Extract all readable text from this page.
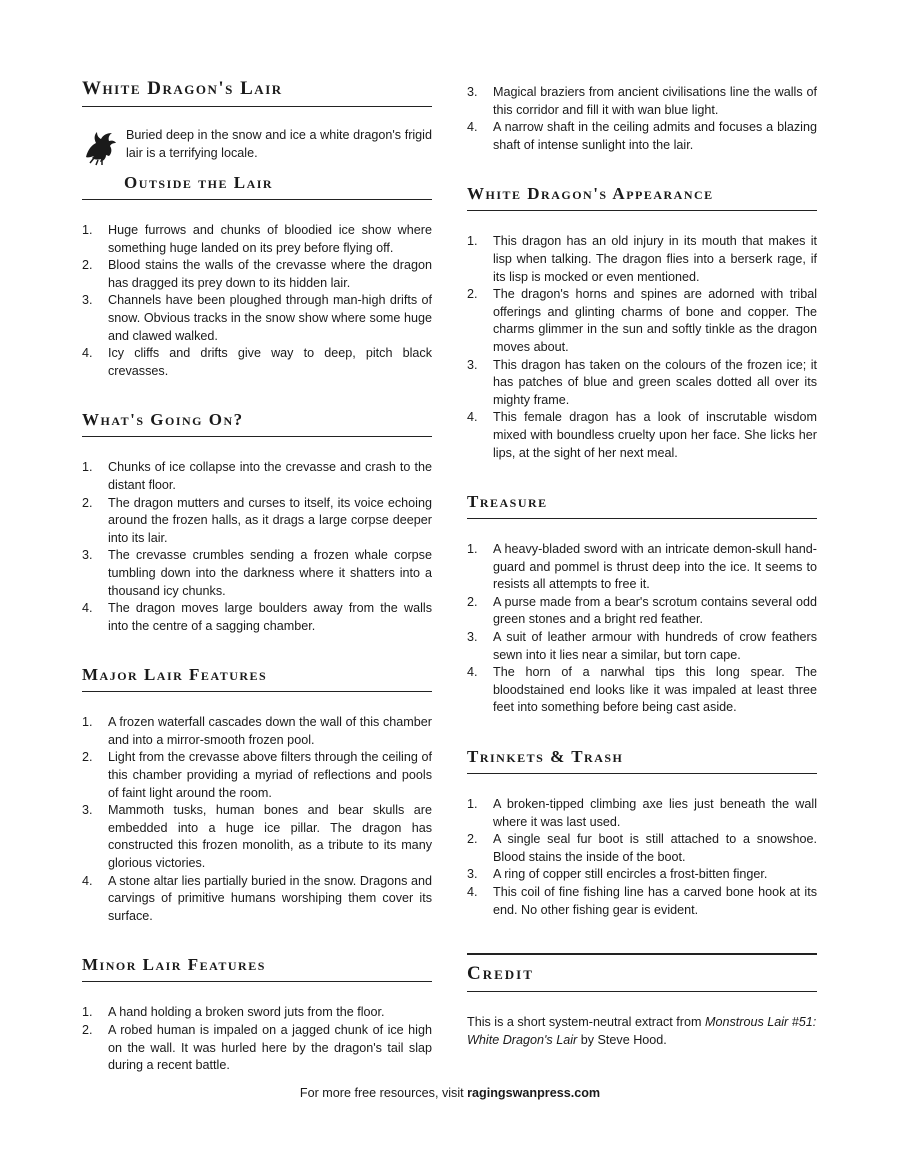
White Dragon's Lair

Buried deep in the snow and ice a white dragon's frigid lair is a terrifying locale.

Outside the Lair
1. Huge furrows and chunks of bloodied ice show where something huge landed on its prey before flying off.
2. Blood stains the walls of the crevasse where the dragon has dragged its prey down to its hidden lair.
3. Channels have been ploughed through man-high drifts of snow. Obvious tracks in the snow show where some huge and clawed walked.
4. Icy cliffs and drifts give way to deep, pitch black crevasses.
What's Going On?
1. Chunks of ice collapse into the crevasse and crash to the distant floor.
2. The dragon mutters and curses to itself, its voice echoing around the frozen halls, as it drags a large corpse deeper into its lair.
3. The crevasse crumbles sending a frozen whale corpse tumbling down into the darkness where it shatters into a thousand icy chunks.
4. The dragon moves large boulders away from the walls into the centre of a sagging chamber.
Major Lair Features
1. A frozen waterfall cascades down the wall of this chamber and into a mirror-smooth frozen pool.
2. Light from the crevasse above filters through the ceiling of this chamber providing a myriad of reflections and pools of faint light around the room.
3. Mammoth tusks, human bones and bear skulls are embedded into a huge ice pillar. The dragon has constructed this frozen monolith, as a tribute to its many glorious victories.
4. A stone altar lies partially buried in the snow. Dragons and carvings of primitive humans worshiping them cover its surface.
Minor Lair Features
1. A hand holding a broken sword juts from the floor.
2. A robed human is impaled on a jagged chunk of ice high on the wall. It was hurled here by the dragon's tail slap during a recent battle.
3. Magical braziers from ancient civilisations line the walls of this corridor and fill it with wan blue light.
4. A narrow shaft in the ceiling admits and focuses a blazing shaft of intense sunlight into the lair.
White Dragon's Appearance
1. This dragon has an old injury in its mouth that makes it lisp when talking. The dragon flies into a berserk rage, if its lisp is mocked or even mentioned.
2. The dragon's horns and spines are adorned with tribal offerings and glinting charms of bone and copper. The charms glimmer in the sun and softly tinkle as the dragon moves about.
3. This dragon has taken on the colours of the frozen ice; it has patches of blue and green scales dotted all over its mighty frame.
4. This female dragon has a look of inscrutable wisdom mixed with boundless cruelty upon her face. She licks her lips, at the sight of her next meal.
Treasure
1. A heavy-bladed sword with an intricate demon-skull hand-guard and pommel is thrust deep into the ice. It seems to resists all attempts to free it.
2. A purse made from a bear's scrotum contains several odd green stones and a bright red feather.
3. A suit of leather armour with hundreds of crow feathers sewn into it lies near a similar, but torn cape.
4. The horn of a narwhal tips this long spear. The bloodstained end looks like it was impaled at least three feet into something before being cast aside.
Trinkets & Trash
1. A broken-tipped climbing axe lies just beneath the wall where it was last used.
2. A single seal fur boot is still attached to a snowshoe. Blood stains the inside of the boot.
3. A ring of copper still encircles a frost-bitten finger.
4. This coil of fine fishing line has a carved bone hook at its end. No other fishing gear is evident.
Credit

This is a short system-neutral extract from Monstrous Lair #51: White Dragon's Lair by Steve Hood.

For more free resources, visit ragingswanpress.com
